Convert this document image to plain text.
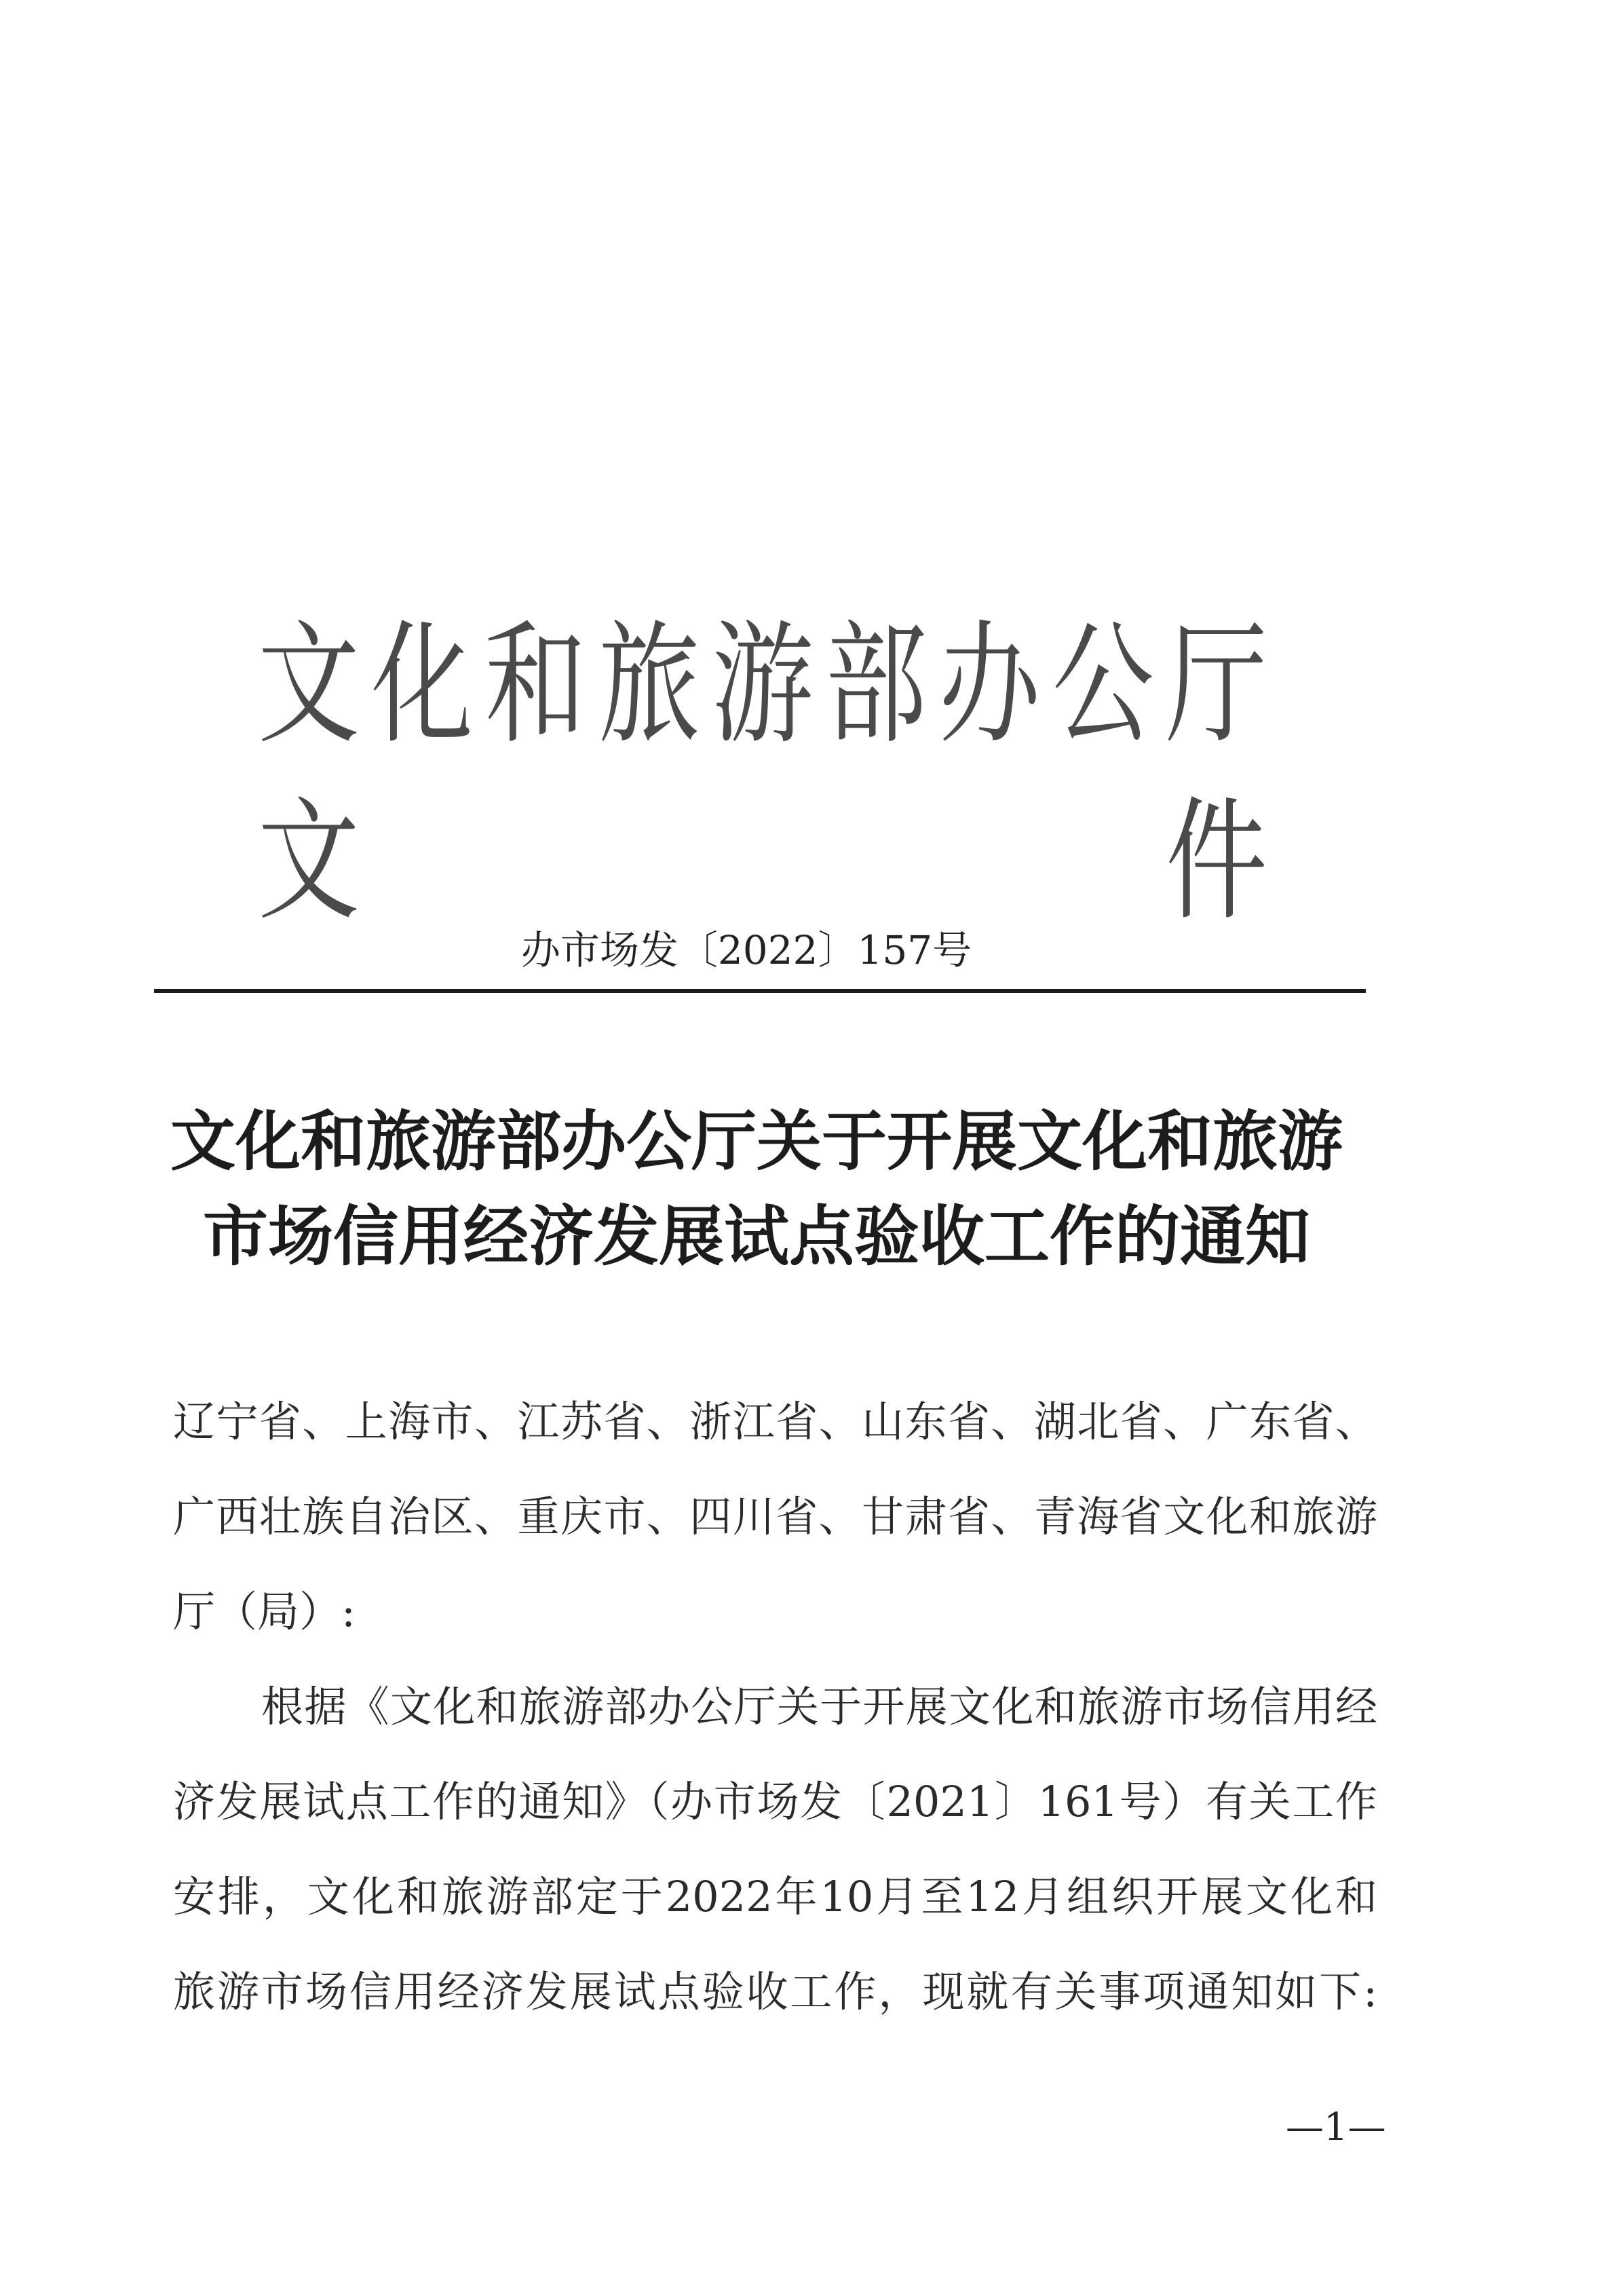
文化和旅游部办公厅文件
办市场发〔2022〕157号
文化和旅游部办公厅关于开展文化和旅游
市场信用经济发展试点验收工作的通知
辽宁省、上海市、江苏省、浙江省、山东省、湖北省、广东省、
广西壮族自治区、重庆市、四川省、甘肃省、青海省文化和旅游
厅（局）:
根据《文化和旅游部办公厅关于开展文化和旅游市场信用经
济发展试点工作的通知》（办市场发〔2021〕161号）有关工作
安排，文化和旅游部定于2022年10月至12月组织开展文化和
旅游市场信用经济发展试点验收工作，现就有关事项通知如下:
—1—
